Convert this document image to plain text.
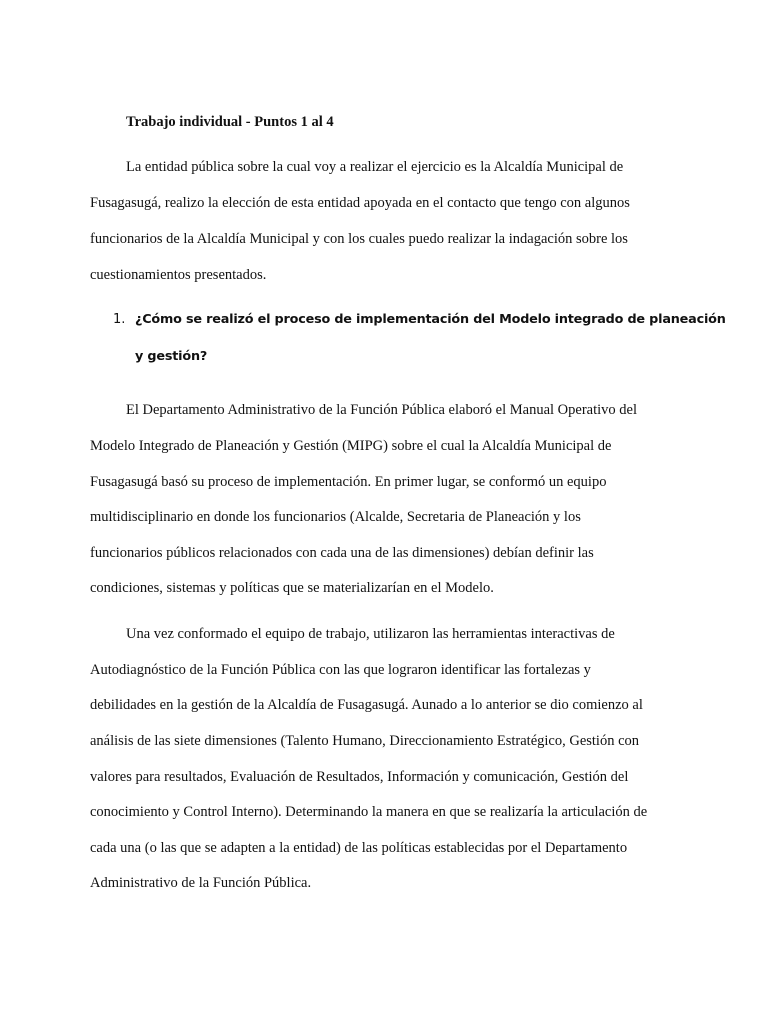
Trabajo individual - Puntos 1 al 4
La entidad pública sobre la cual voy a realizar el ejercicio es la Alcaldía Municipal de
Fusagasugá, realizo la elección de esta entidad apoyada en el contacto que tengo con algunos
funcionarios de la Alcaldía Municipal y con los cuales puedo realizar la indagación sobre los
cuestionamientos presentados.
1. ¿Cómo se realizó el proceso de implementación del Modelo integrado de planeación
y gestión?
El Departamento Administrativo de la Función Pública elaboró el Manual Operativo del
Modelo Integrado de Planeación y Gestión (MIPG) sobre el cual la Alcaldía Municipal de
Fusagasugá basó su proceso de implementación. En primer lugar, se conformó un equipo
multidisciplinario en donde los funcionarios (Alcalde, Secretaria de Planeación y los
funcionarios públicos relacionados con cada una de las dimensiones) debían definir las
condiciones, sistemas y políticas que se materializarían en el Modelo.
Una vez conformado el equipo de trabajo, utilizaron las herramientas interactivas de
Autodiagnóstico de la Función Pública con las que lograron identificar las fortalezas y
debilidades en la gestión de la Alcaldía de Fusagasugá. Aunado a lo anterior se dio comienzo al
análisis de las siete dimensiones (Talento Humano, Direccionamiento Estratégico, Gestión con
valores para resultados, Evaluación de Resultados, Información y comunicación, Gestión del
conocimiento y Control Interno). Determinando la manera en que se realizaría la articulación de
cada una (o las que se adapten a la entidad) de las políticas establecidas por el Departamento
Administrativo de la Función Pública.
